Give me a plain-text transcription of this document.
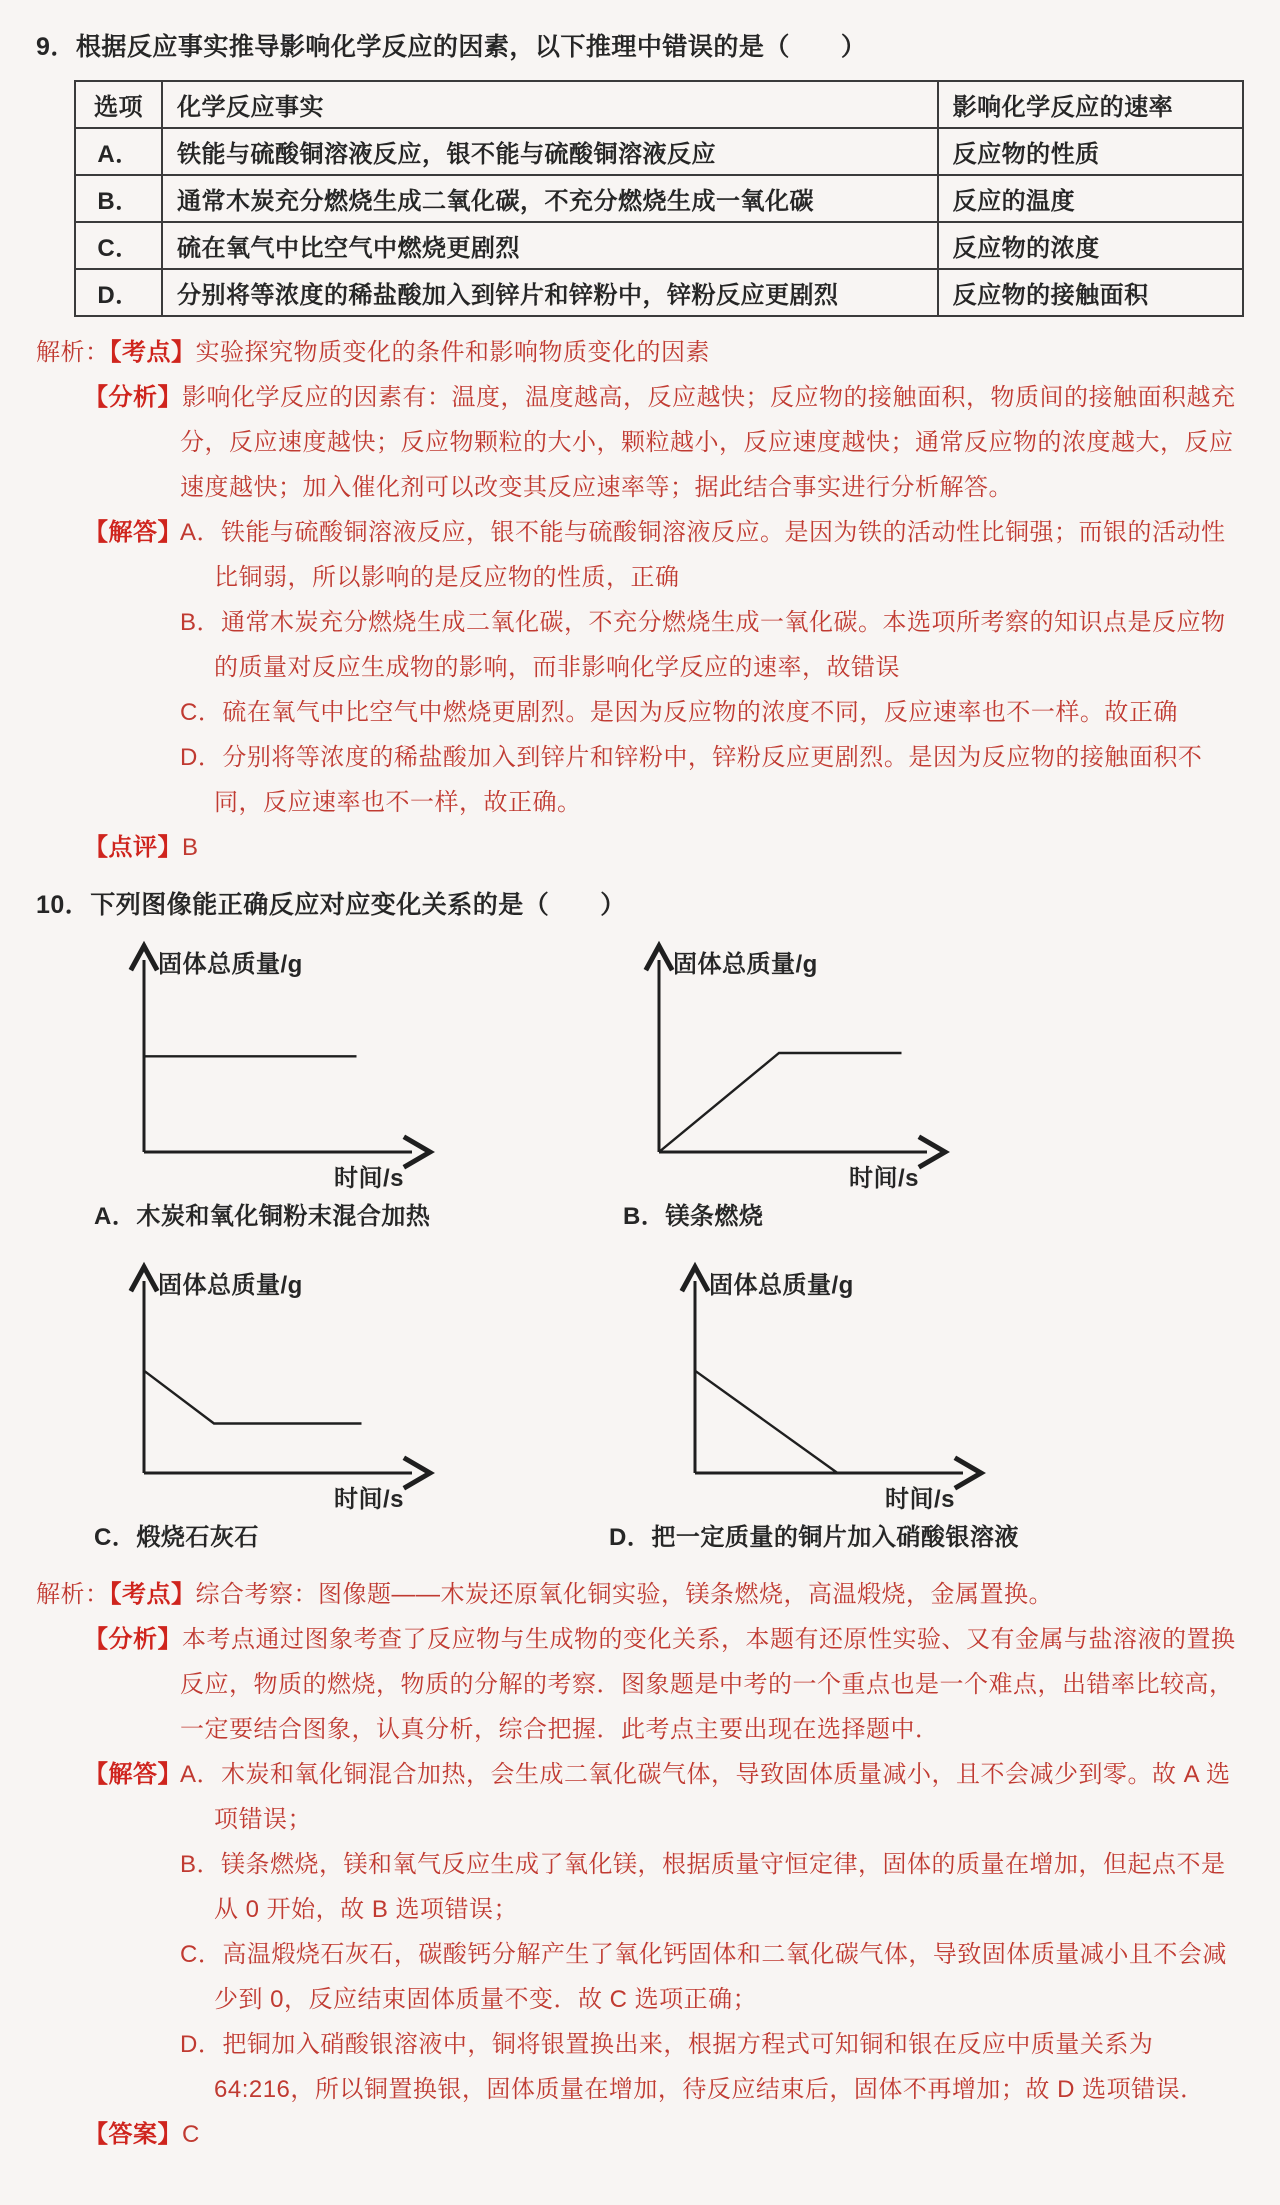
9．根据反应事实推导影响化学反应的因素，以下推理中错误的是（　　）

选项	化学反应事实	影响化学反应的速率
A．	铁能与硫酸铜溶液反应，银不能与硫酸铜溶液反应	反应物的性质
B．	通常木炭充分燃烧生成二氧化碳，不充分燃烧生成一氧化碳	反应的温度
C．	硫在氧气中比空气中燃烧更剧烈	反应物的浓度
D．	分别将等浓度的稀盐酸加入到锌片和锌粉中，锌粉反应更剧烈	反应物的接触面积

解析：【考点】实验探究物质变化的条件和影响物质变化的因素

【分析】影响化学反应的因素有：温度，温度越高，反应越快；反应物的接触面积，物质间的接触面积越充分，反应速度越快；反应物颗粒的大小，颗粒越小，反应速度越快；通常反应物的浓度越大，反应速度越快；加入催化剂可以改变其反应速率等；据此结合事实进行分析解答。

【解答】

A．铁能与硫酸铜溶液反应，银不能与硫酸铜溶液反应。是因为铁的活动性比铜强；而银的活动性比铜弱，所以影响的是反应物的性质，正确

B．通常木炭充分燃烧生成二氧化碳，不充分燃烧生成一氧化碳。本选项所考察的知识点是反应物的质量对反应生成物的影响，而非影响化学反应的速率，故错误

C．硫在氧气中比空气中燃烧更剧烈。是因为反应物的浓度不同，反应速率也不一样。故正确

D．分别将等浓度的稀盐酸加入到锌片和锌粉中，锌粉反应更剧烈。是因为反应物的接触面积不同，反应速率也不一样，故正确。

【点评】B

10．下列图像能正确反应对应变化关系的是（　　）

固体总质量/g
时间/s
A．木炭和氧化铜粉末混合加热
固体总质量/g
时间/s
B．镁条燃烧
固体总质量/g
时间/s
C．煅烧石灰石
固体总质量/g
时间/s
D．把一定质量的铜片加入硝酸银溶液

解析：【考点】综合考察：图像题——木炭还原氧化铜实验，镁条燃烧，高温煅烧，金属置换。

【分析】本考点通过图象考查了反应物与生成物的变化关系，本题有还原性实验、又有金属与盐溶液的置换反应，物质的燃烧，物质的分解的考察．图象题是中考的一个重点也是一个难点，出错率比较高，一定要结合图象，认真分析，综合把握．此考点主要出现在选择题中．

【解答】

A．木炭和氧化铜混合加热，会生成二氧化碳气体，导致固体质量减小，且不会减少到零。故 A 选项错误；

B．镁条燃烧，镁和氧气反应生成了氧化镁，根据质量守恒定律，固体的质量在增加，但起点不是从 0 开始，故 B 选项错误；

C．高温煅烧石灰石，碳酸钙分解产生了氧化钙固体和二氧化碳气体，导致固体质量减小且不会减少到 0，反应结束固体质量不变．故 C 选项正确；

D．把铜加入硝酸银溶液中，铜将银置换出来，根据方程式可知铜和银在反应中质量关系为 64:216，所以铜置换银，固体质量在增加，待反应结束后，固体不再增加；故 D 选项错误．

【答案】C
